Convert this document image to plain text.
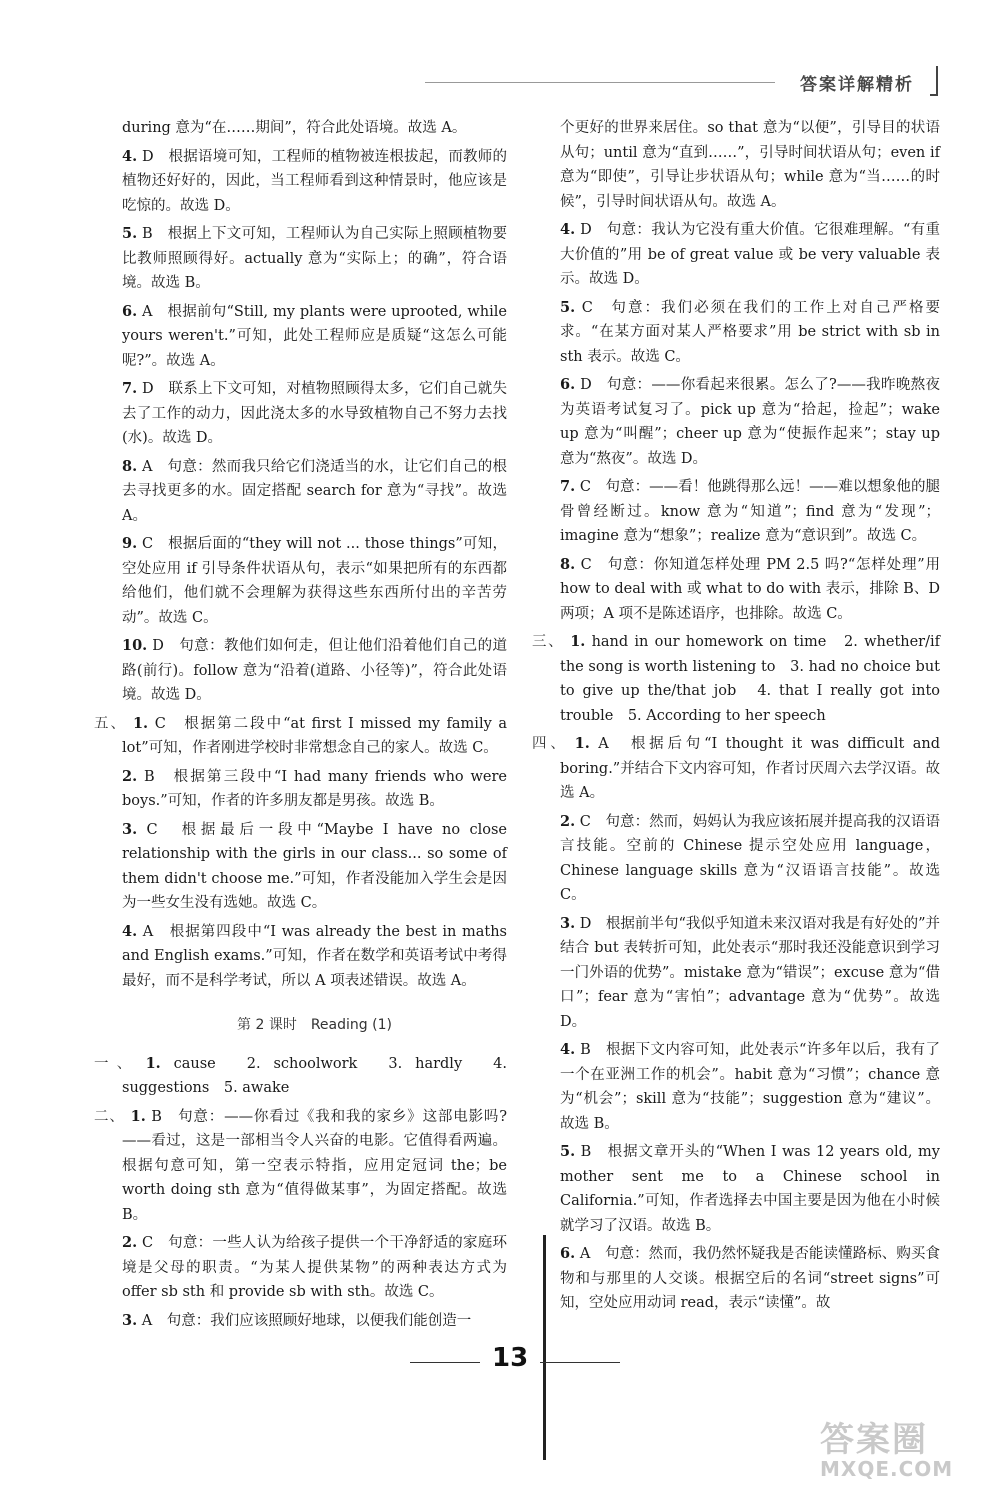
答案详解精析
during 意为“在……期间”，符合此处语境。故选 A。
4. D　根据语境可知，工程师的植物被连根拔起，而教师的植物还好好的，因此，当工程师看到这种情景时，他应该是吃惊的。故选 D。
5. B　根据上下文可知，工程师认为自己实际上照顾植物要比教师照顾得好。actually 意为“实际上；的确”，符合语境。故选 B。
6. A　根据前句“Still, my plants were uprooted, while yours weren't.”可知，此处工程师应是质疑“这怎么可能呢?”。故选 A。
7. D　联系上下文可知，对植物照顾得太多，它们自己就失去了工作的动力，因此浇太多的水导致植物自己不努力去找(水)。故选 D。
8. A　句意：然而我只给它们浇适当的水，让它们自己的根去寻找更多的水。固定搭配 search for 意为“寻找”。故选 A。
9. C　根据后面的“they will not ... those things”可知，空处应用 if 引导条件状语从句，表示“如果把所有的东西都给他们，他们就不会理解为获得这些东西所付出的辛苦劳动”。故选 C。
10. D　句意：教他们如何走，但让他们沿着他们自己的道路(前行)。follow 意为“沿着(道路、小径等)”，符合此处语境。故选 D。
五、 1. C　根据第二段中“at first I missed my family a lot”可知，作者刚进学校时非常想念自己的家人。故选 C。
2. B　根据第三段中“I had many friends who were boys.”可知，作者的许多朋友都是男孩。故选 B。
3. C　根据最后一段中“Maybe I have no close relationship with the girls in our class... so some of them didn't choose me.”可知，作者没能加入学生会是因为一些女生没有选她。故选 C。
4. A　根据第四段中“I was already the best in maths and English exams.”可知，作者在数学和英语考试中考得最好，而不是科学考试，所以 A 项表述错误。故选 A。
第 2 课时　Reading (1)
一、 1. cause　2. schoolwork　3. hardly　4. suggestions　5. awake
二、 1. B　句意：——你看过《我和我的家乡》这部电影吗?——看过，这是一部相当令人兴奋的电影。它值得看两遍。根据句意可知，第一空表示特指，应用定冠词 the；be worth doing sth 意为“值得做某事”，为固定搭配。故选 B。
2. C　句意：一些人认为给孩子提供一个干净舒适的家庭环境是父母的职责。“为某人提供某物”的两种表达方式为 offer sb sth 和 provide sb with sth。故选 C。
3. A　句意：我们应该照顾好地球，以便我们能创造一
个更好的世界来居住。so that 意为“以便”，引导目的状语从句；until 意为“直到……”，引导时间状语从句；even if 意为“即使”，引导让步状语从句；while 意为“当……的时候”，引导时间状语从句。故选 A。
4. D　句意：我认为它没有重大价值。它很难理解。“有重大价值的”用 be of great value 或 be very valuable 表示。故选 D。
5. C　句意：我们必须在我们的工作上对自己严格要求。“在某方面对某人严格要求”用 be strict with sb in sth 表示。故选 C。
6. D　句意：——你看起来很累。怎么了?——我昨晚熬夜为英语考试复习了。pick up 意为“拾起，捡起”；wake up 意为“叫醒”；cheer up 意为“使振作起来”；stay up 意为“熬夜”。故选 D。
7. C　句意：——看！他跳得那么远！——难以想象他的腿骨曾经断过。know 意为“知道”；find 意为“发现”；imagine 意为“想象”；realize 意为“意识到”。故选 C。
8. C　句意：你知道怎样处理 PM 2.5 吗?“怎样处理”用 how to deal with 或 what to do with 表示，排除 B、D 两项；A 项不是陈述语序，也排除。故选 C。
三、 1. hand in our homework on time　2. whether/if the song is worth listening to　3. had no choice but to give up the/that job　4. that I really got into trouble　5. According to her speech
四、 1. A　根据后句“I thought it was difficult and boring.”并结合下文内容可知，作者讨厌周六去学汉语。故选 A。
2. C　句意：然而，妈妈认为我应该拓展并提高我的汉语语言技能。空前的 Chinese 提示空处应用 language，Chinese language skills 意为“汉语语言技能”。故选 C。
3. D　根据前半句“我似乎知道未来汉语对我是有好处的”并结合 but 表转折可知，此处表示“那时我还没能意识到学习一门外语的优势”。mistake 意为“错误”；excuse 意为“借口”；fear 意为“害怕”；advantage 意为“优势”。故选 D。
4. B　根据下文内容可知，此处表示“许多年以后，我有了一个在亚洲工作的机会”。habit 意为“习惯”；chance 意为“机会”；skill 意为“技能”；suggestion 意为“建议”。故选 B。
5. B　根据文章开头的“When I was 12 years old, my mother sent me to a Chinese school in California.”可知，作者选择去中国主要是因为他在小时候就学习了汉语。故选 B。
6. A　句意：然而，我仍然怀疑我是否能读懂路标、购买食物和与那里的人交谈。根据空后的名词“street signs”可知，空处应用动词 read，表示“读懂”。故
13
答案圈
MXQE.COM
